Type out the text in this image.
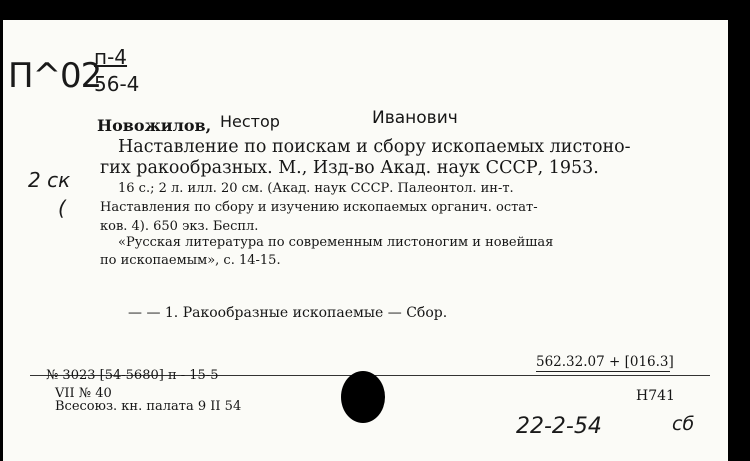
П^02
п-4
56-4
2 ск
(
Новожилов, Нестор	Иванович
Наставление по поискам и сбору ископаемых листоно-
гих ракообразных. М., Изд-во Акад. наук СССР, 1953.
16 с.; 2 л. илл. 20 см. (Акад. наук СССР. Палеонтол. ин-т.
Наставления по сбору и изучению ископаемых органич. остат-
ков. 4). 650 экз. Беспл.
«Русская литература по современным листоногим и новейшая
по ископаемым», с. 14-15.
— — 1. Ракообразные ископаемые — Сбор.
562.32.07 + [016.3]
№ 3023 [54-5680] п - 15-5
VII № 40
Всесоюз. кн. палата 9 II 54
Н741
22-2-54	сб
